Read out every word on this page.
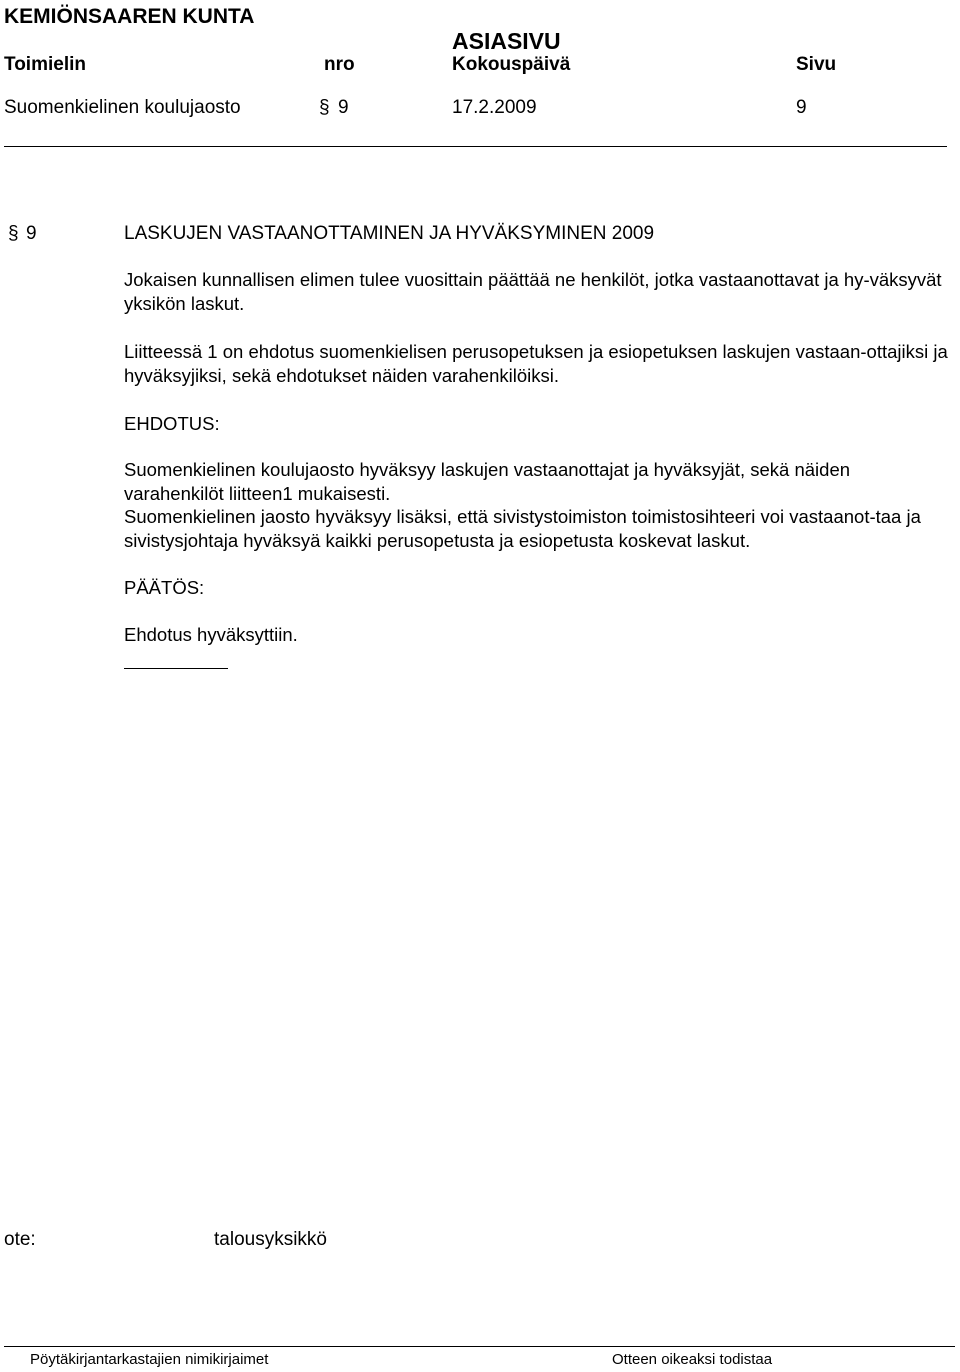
KEMIÖNSAAREN KUNTA
ASIASIVU
Toimielin	nro	Kokouspäivä	Sivu
Suomenkielinen koulujaosto	§ 9	17.2.2009	9
§ 9	LASKUJEN VASTAANOTTAMINEN JA HYVÄKSYMINEN 2009
Jokaisen kunnallisen elimen tulee vuosittain päättää ne henkilöt, jotka vastaanottavat ja hy-väksyvät yksikön laskut.
Liitteessä 1 on ehdotus suomenkielisen perusopetuksen ja esiopetuksen laskujen vastaan-ottajiksi ja hyväksyjiksi, sekä ehdotukset näiden varahenkilöiksi.
EHDOTUS:
Suomenkielinen koulujaosto hyväksyy laskujen vastaanottajat ja hyväksyjät, sekä näiden varahenkilöt liitteen1 mukaisesti.
Suomenkielinen jaosto hyväksyy lisäksi, että sivistystoimiston toimistosihteeri voi vastaanot-taa ja sivistysjohtaja hyväksyä kaikki perusopetusta ja esiopetusta koskevat laskut.
PÄÄTÖS:
Ehdotus hyväksyttiin.
ote:	talousyksikkö
Pöytäkirjantarkastajien nimikirjaimet	Otteen oikeaksi todistaa
